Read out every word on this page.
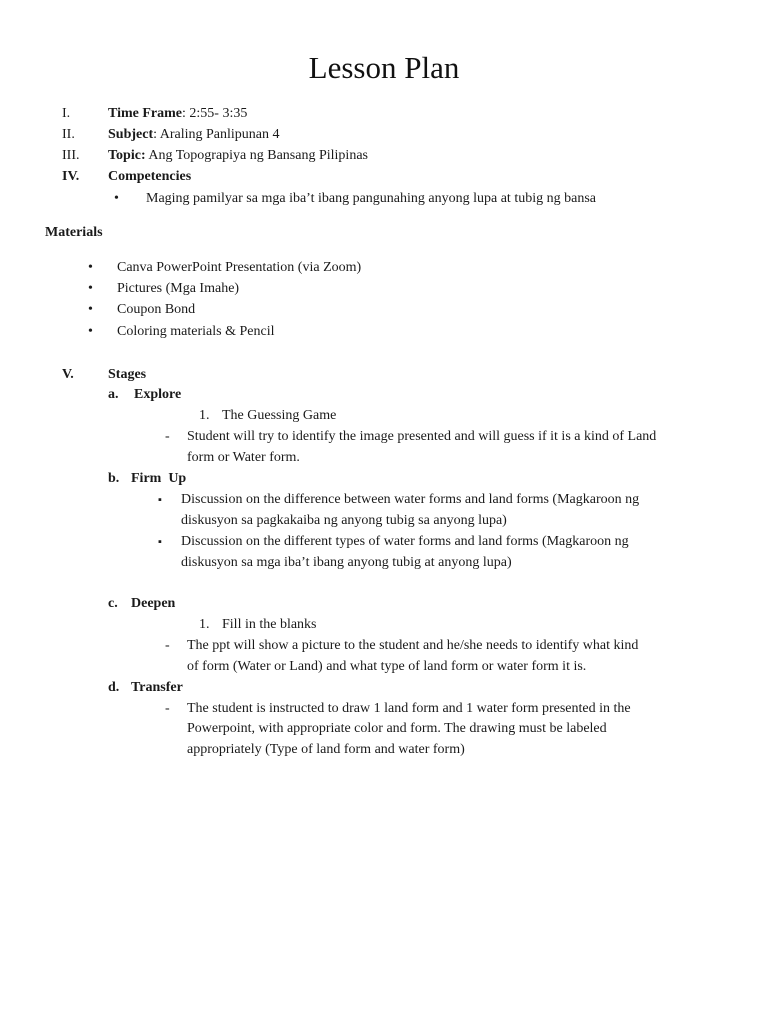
Lesson Plan
I.	Time Frame: 2:55- 3:35
II. Subject: Araling Panlipunan 4
III. Topic: Ang Topograpiya ng Bansang Pilipinas
IV. Competencies
• Maging pamilyar sa mga iba’t ibang pangunahing anyong lupa at tubig ng bansa
Materials
• Canva PowerPoint Presentation (via Zoom)
• Pictures (Mga Imahe)
• Coupon Bond
• Coloring materials & Pencil
V. Stages
a. Explore
1. The Guessing Game
- Student will try to identify the image presented and will guess if it is a kind of Land
form or Water form.
b. Firm  Up
▪ Discussion on the difference between water forms and land forms (Magkaroon ng
diskusyon sa pagkakaiba ng anyong tubig sa anyong lupa)
▪ Discussion on the different types of water forms and land forms (Magkaroon ng
diskusyon sa mga iba’t ibang anyong tubig at anyong lupa)
c. Deepen
1. Fill in the blanks
- The ppt will show a picture to the student and he/she needs to identify what kind
of form (Water or Land) and what type of land form or water form it is.
d. Transfer
- The student is instructed to draw 1 land form and 1 water form presented in the
Powerpoint, with appropriate color and form. The drawing must be labeled
appropriately (Type of land form and water form)
